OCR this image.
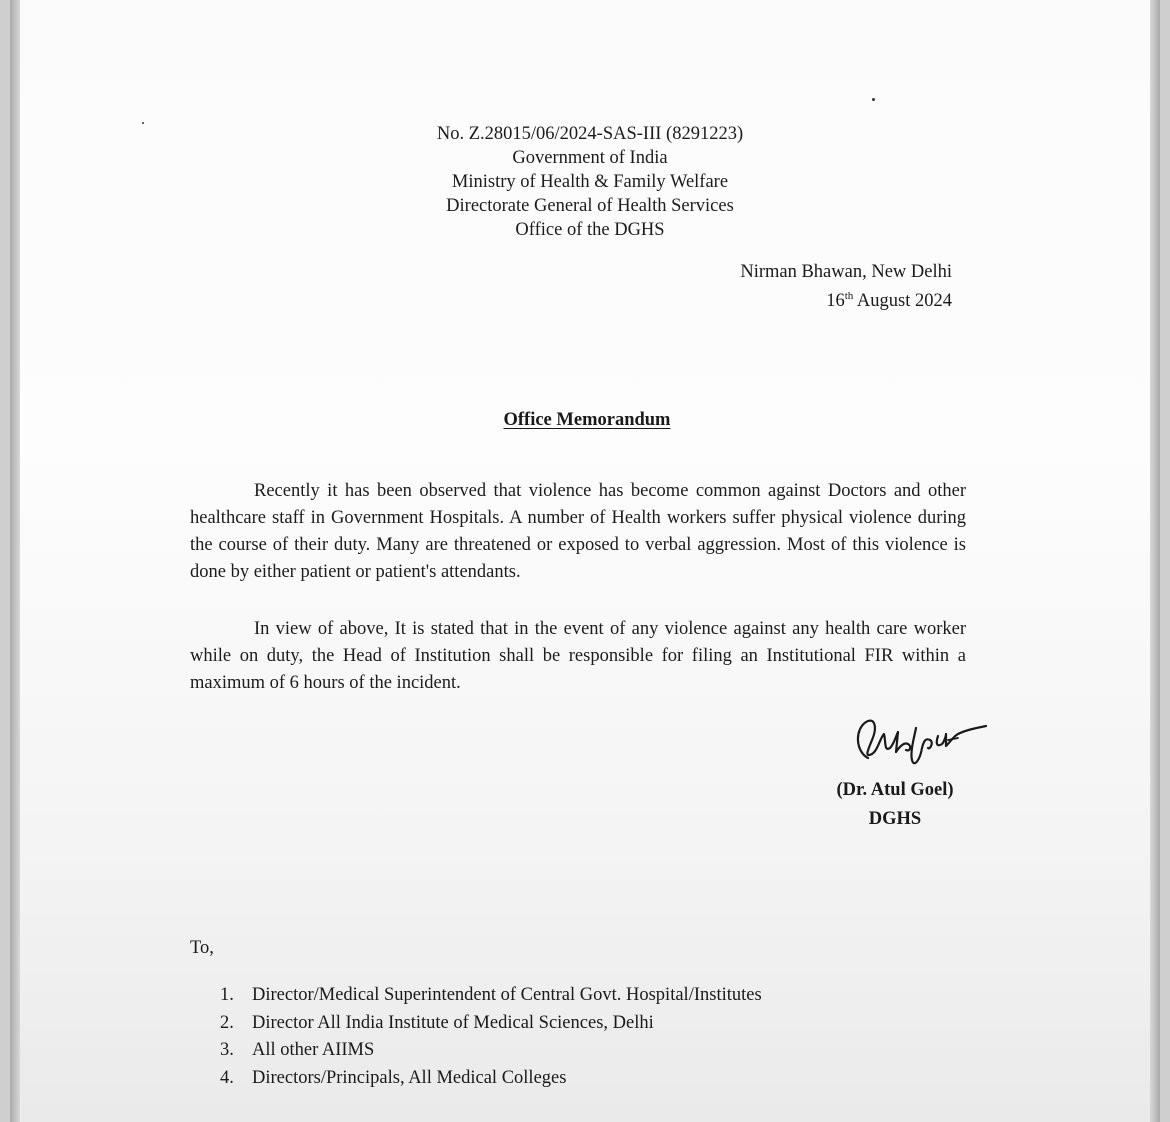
No. Z.28015/06/2024-SAS-III (8291223)
Government of India
Ministry of Health & Family Welfare
Directorate General of Health Services
Office of the DGHS
Nirman Bhawan, New Delhi
16th August 2024
Office Memorandum
Recently it has been observed that violence has become common against Doctors and other healthcare staff in Government Hospitals. A number of Health workers suffer physical violence during the course of their duty. Many are threatened or exposed to verbal aggression. Most of this violence is done by either patient or patient's attendants.
In view of above, It is stated that in the event of any violence against any health care worker while on duty, the Head of Institution shall be responsible for filing an Institutional FIR within a maximum of 6 hours of the incident.
(Dr. Atul Goel)
DGHS
To,
1. Director/Medical Superintendent of Central Govt. Hospital/Institutes
2. Director All India Institute of Medical Sciences, Delhi
3. All other AIIMS
4. Directors/Principals, All Medical Colleges
